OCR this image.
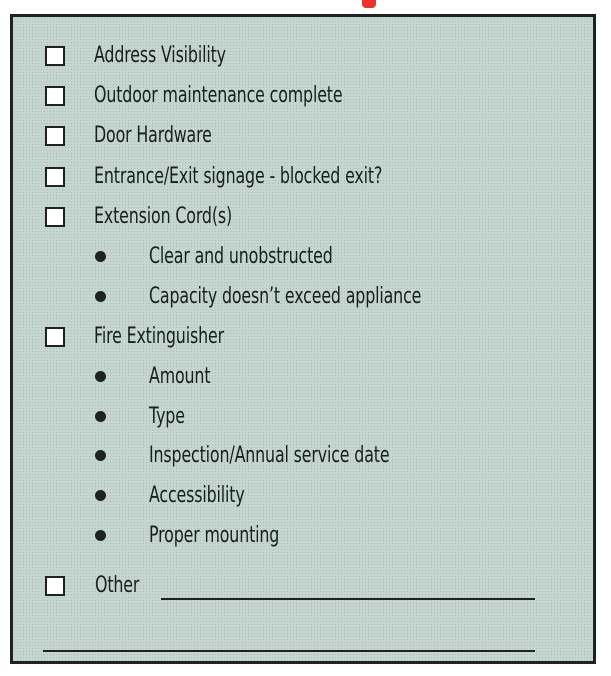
Address Visibility
Outdoor maintenance complete
Door Hardware
Entrance/Exit signage - blocked exit?
Extension Cord(s)
Clear and unobstructed
Capacity doesn’t exceed appliance
Fire Extinguisher
Amount
Type
Inspection/Annual service date
Accessibility
Proper mounting
Other
